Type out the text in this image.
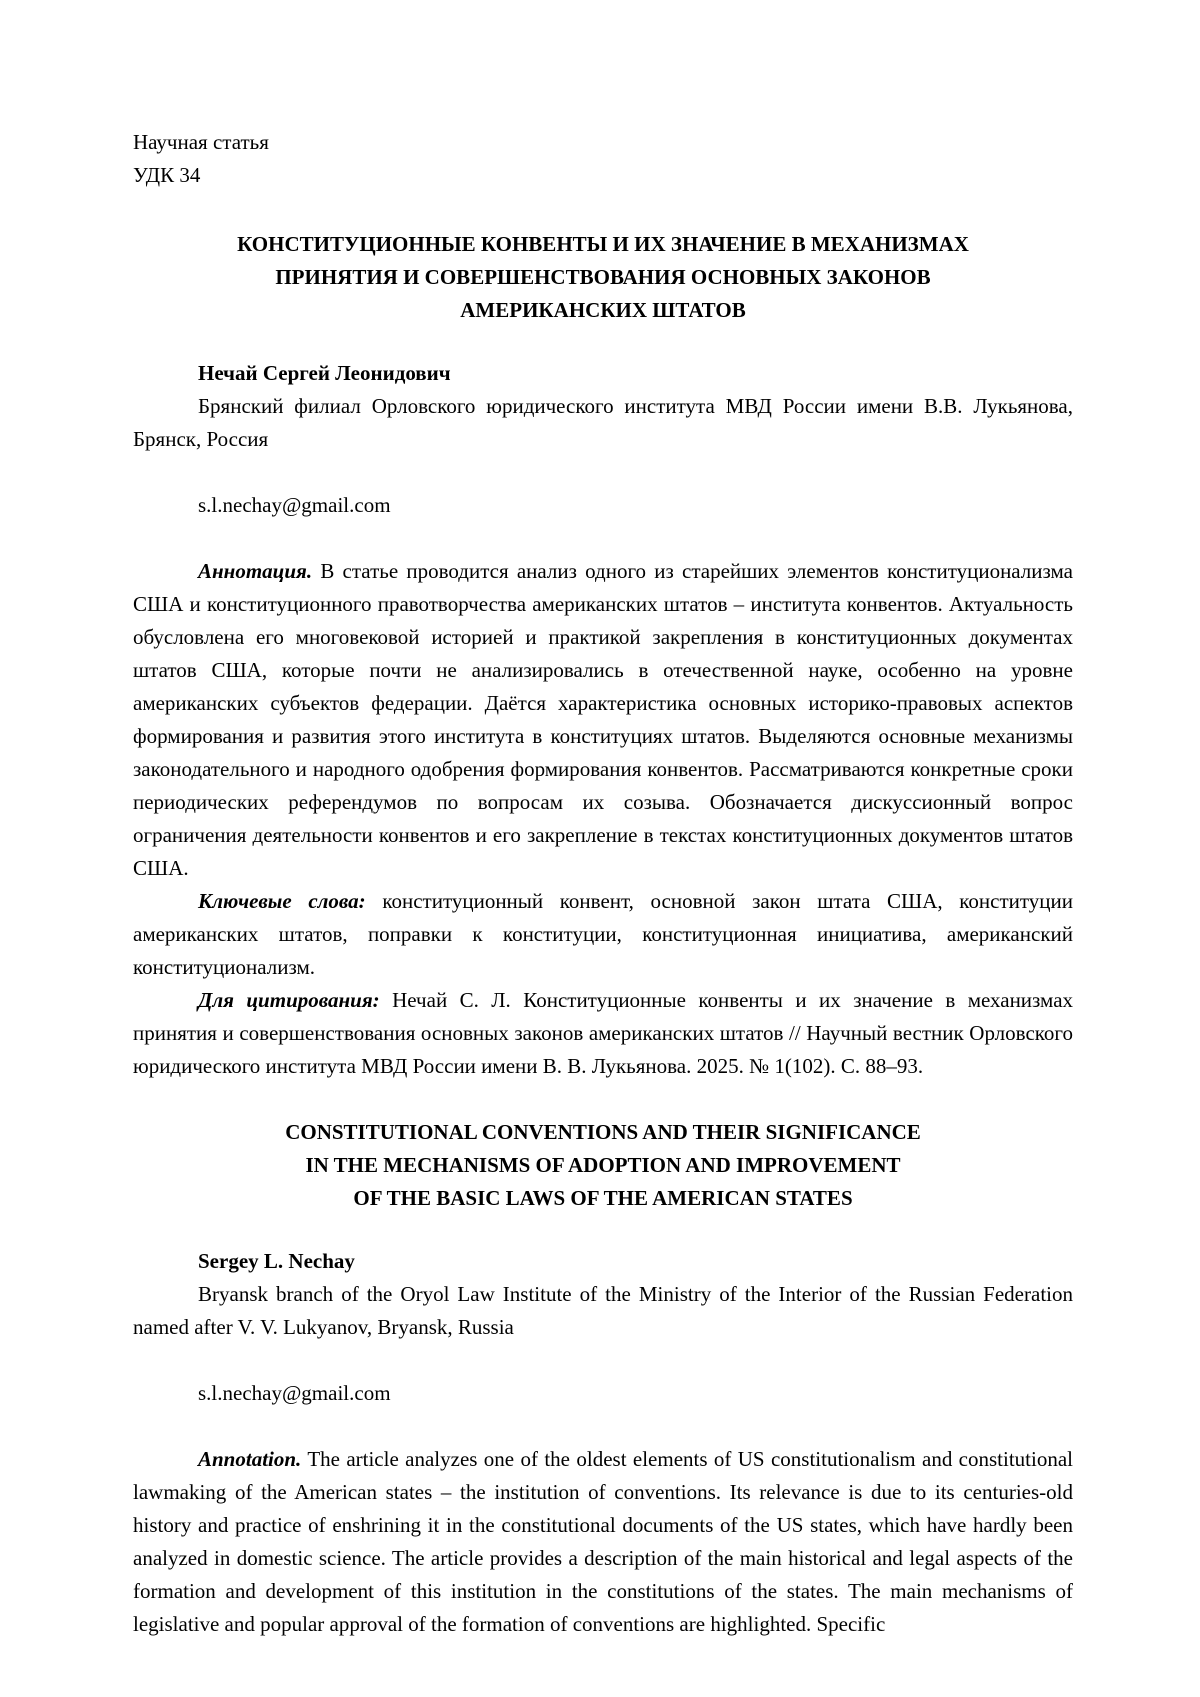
Научная статья

УДК 34

КОНСТИТУЦИОННЫЕ КОНВЕНТЫ И ИХ ЗНАЧЕНИЕ В МЕХАНИЗМАХ
ПРИНЯТИЯ И СОВЕРШЕНСТВОВАНИЯ ОСНОВНЫХ ЗАКОНОВ
АМЕРИКАНСКИХ ШТАТОВ

Нечай Сергей Леонидович

Брянский филиал Орловского юридического института МВД России имени В.В. Лукьянова, Брянск, Россия

s.l.nechay@gmail.com

Аннотация. В статье проводится анализ одного из старейших элементов конституционализма США и конституционного правотворчества американских штатов – института конвентов. Актуальность обусловлена его многовековой историей и практикой закрепления в конституционных документах штатов США, которые почти не анализировались в отечественной науке, особенно на уровне американских субъектов федерации. Даётся характеристика основных историко-правовых аспектов формирования и развития этого института в конституциях штатов. Выделяются основные механизмы законодательного и народного одобрения формирования конвентов. Рассматриваются конкретные сроки периодических референдумов по вопросам их созыва. Обозначается дискуссионный вопрос ограничения деятельности конвентов и его закрепление в текстах конституционных документов штатов США.

Ключевые слова: конституционный конвент, основной закон штата США, конституции американских штатов, поправки к конституции, конституционная инициатива, американский конституционализм.

Для цитирования: Нечай С. Л. Конституционные конвенты и их значение в механизмах принятия и совершенствования основных законов американских штатов // Научный вестник Орловского юридического института МВД России имени В. В. Лукьянова. 2025. № 1(102). С. 88–93.

CONSTITUTIONAL CONVENTIONS AND THEIR SIGNIFICANCE
IN THE MECHANISMS OF ADOPTION AND IMPROVEMENT
OF THE BASIC LAWS OF THE AMERICAN STATES

Sergey L. Nechay

Bryansk branch of the Oryol Law Institute of the Ministry of the Interior of the Russian Federation named after V. V. Lukyanov, Bryansk, Russia

s.l.nechay@gmail.com

Annotation. The article analyzes one of the oldest elements of US constitutionalism and constitutional lawmaking of the American states – the institution of conventions. Its relevance is due to its centuries-old history and practice of enshrining it in the constitutional documents of the US states, which have hardly been analyzed in domestic science. The article provides a description of the main historical and legal aspects of the formation and development of this institution in the constitutions of the states. The main mechanisms of legislative and popular approval of the formation of conventions are highlighted. Specific
